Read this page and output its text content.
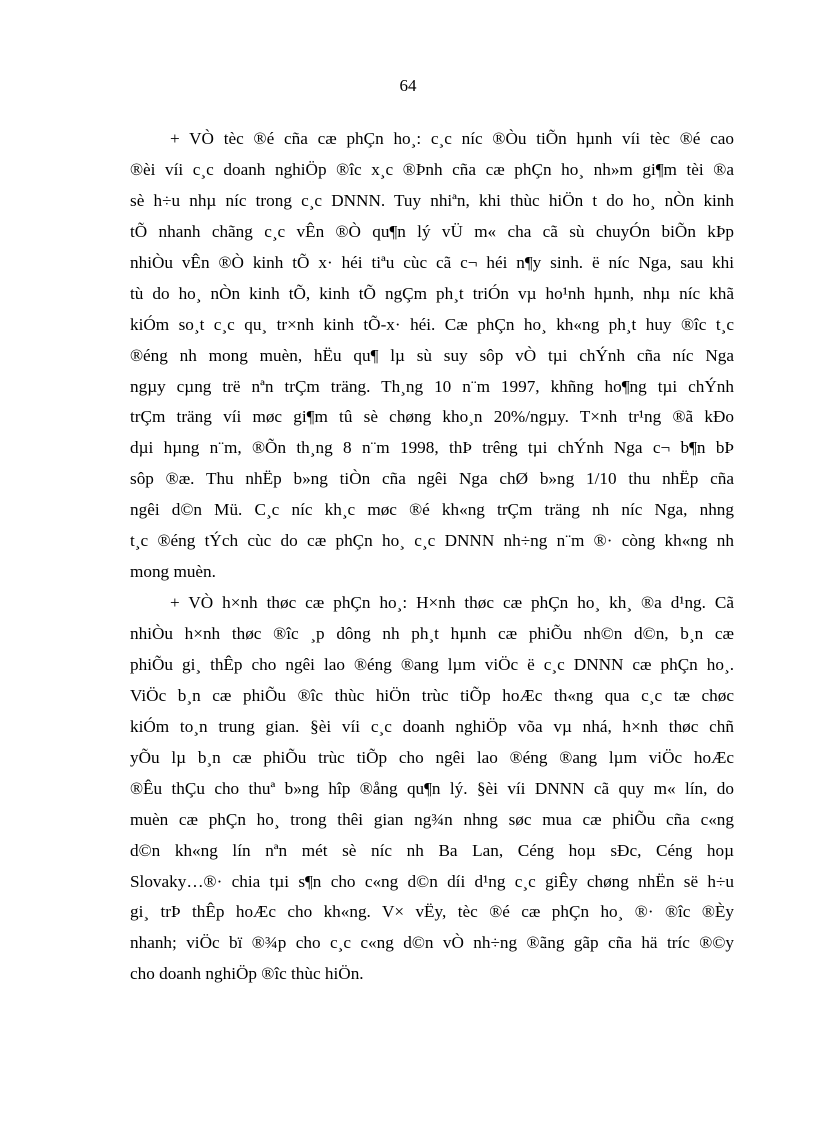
64
+ VÒ tèc ®é cña cæ phÇn ho¸: c¸c níc ®Òu tiÕn hµnh víi tèc ®é cao
®èi víi c¸c doanh nghiÖp ®îc x¸c ®Þnh cña cæ phÇn ho¸ nh»m gi¶m tèi ®a
sè h÷u nhµ níc trong c¸c DNNN. Tuy nhiªn, khi thùc hiÖn t do ho¸ nÒn kinh
tÕ nhanh chãng c¸c vÊn ®Ò qu¶n lý vÜ m« cha cã sù chuyÓn biÕn kÞp
nhiÒu vÊn ®Ò kinh tÕ x· héi tiªu cùc cã c¬ héi n¶y sinh. ë níc Nga, sau khi
tù do ho¸ nÒn kinh tÕ, kinh tÕ ngÇm ph¸t triÓn vµ ho¹nh hµnh, nhµ níc khã
kiÓm so¸t c¸c qu¸ tr×nh kinh tÕ-x· héi. Cæ phÇn ho¸ kh«ng ph¸t huy ®îc t¸c
®éng nh mong muèn, hËu qu¶ lµ sù suy sôp vÒ tµi chÝnh cña níc Nga
ngµy cµng trë nªn trÇm träng. Th¸ng 10 n¨m 1997, khñng ho¶ng tµi chÝnh
trÇm träng víi møc gi¶m tû sè chøng kho¸n 20%/ngµy. T×nh tr¹ng ®ã kÐo
dµi hµng n¨m, ®Õn th¸ng 8 n¨m 1998, thÞ trêng tµi chÝnh Nga c¬ b¶n bÞ
sôp ®æ. Thu nhËp b»ng tiÒn cña ngêi Nga chØ b»ng 1/10 thu nhËp cña
ngêi d©n Mü. C¸c níc kh¸c møc ®é kh«ng trÇm träng nh níc Nga, nhng
t¸c ®éng tÝch cùc do cæ phÇn ho¸ c¸c DNNN nh÷ng n¨m ®· còng kh«ng nh
mong muèn.
+ VÒ h×nh thøc cæ phÇn ho¸: H×nh thøc cæ phÇn ho¸ kh¸ ®a d¹ng. Cã
nhiÒu h×nh thøc ®îc ¸p dông nh ph¸t hµnh cæ phiÕu nh©n d©n, b¸n cæ
phiÕu gi¸ thÊp cho ngêi lao ®éng ®ang lµm viÖc ë c¸c DNNN cæ phÇn ho¸.
ViÖc b¸n cæ phiÕu ®îc thùc hiÖn trùc tiÕp hoÆc th«ng qua c¸c tæ chøc
kiÓm to¸n trung gian. §èi víi c¸c doanh nghiÖp võa vµ nhá, h×nh thøc chñ
yÕu lµ b¸n cæ phiÕu trùc tiÕp cho ngêi lao ®éng ®ang lµm viÖc hoÆc
®Êu thÇu cho thuª b»ng hîp ®ång qu¶n lý. §èi víi DNNN cã quy m« lín, do
muèn cæ phÇn ho¸ trong thêi gian ng¾n nhng søc mua cæ phiÕu cña c«ng
d©n kh«ng lín nªn mét sè níc nh Ba Lan, Céng hoµ sÐc, Céng hoµ
Slovaky…®· chia tµi s¶n cho c«ng d©n díi d¹ng c¸c giÊy chøng nhËn së h÷u
gi¸ trÞ thÊp hoÆc cho kh«ng. V× vËy, tèc ®é cæ phÇn ho¸ ®· ®îc ®Èy
nhanh; viÖc bï ®¾p cho c¸c c«ng d©n vÒ nh÷ng ®ãng gãp cña hä tríc ®©y
cho doanh nghiÖp ®îc thùc hiÖn.
